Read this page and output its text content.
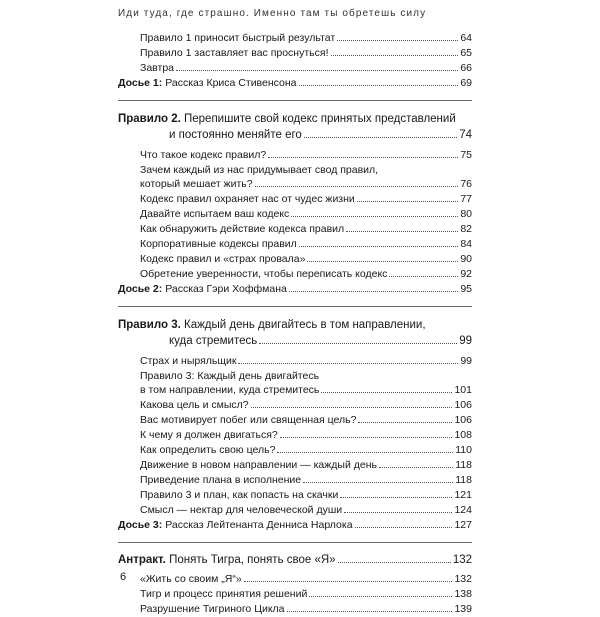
Иди туда, где страшно. Именно там ты обретешь силу
Правило 1 приносит быстрый результат	64
Правило 1 заставляет вас проснуться!	65
Завтра	66
Досье 1: Рассказ Криса Стивенсона	69
Правило 2. Перепишите свой кодекс принятых представлений
и постоянно меняйте его	74
Что такое кодекс правил?	75
Зачем каждый из нас придумывает свод правил,
который мешает жить?	76
Кодекс правил охраняет нас от чудес жизни	77
Давайте испытаем ваш кодекс	80
Как обнаружить действие кодекса правил	82
Корпоративные кодексы правил	84
Кодекс правил и «страх провала»	90
Обретение уверенности, чтобы переписать кодекс	92
Досье 2: Рассказ Гэри Хоффмана	95
Правило 3. Каждый день двигайтесь в том направлении,
куда стремитесь	99
Страх и ныряльщик	99
Правило 3: Каждый день двигайтесь
в том направлении, куда стремитесь	101
Какова цель и смысл?	106
Вас мотивирует побег или священная цель?	106
К чему я должен двигаться?	108
Как определить свою цель?	110
Движение в новом направлении — каждый день	118
Приведение плана в исполнение	118
Правило 3 и план, как попасть на скачки	121
Смысл — нектар для человеческой души	124
Досье 3: Рассказ Лейтенанта Денниса Нарлока	127
Антракт. Понять Тигра, понять свое «Я»	132
«Жить со своим „Я“»	132
Тигр и процесс принятия решений	138
Разрушение Тигриного Цикла	139
6
